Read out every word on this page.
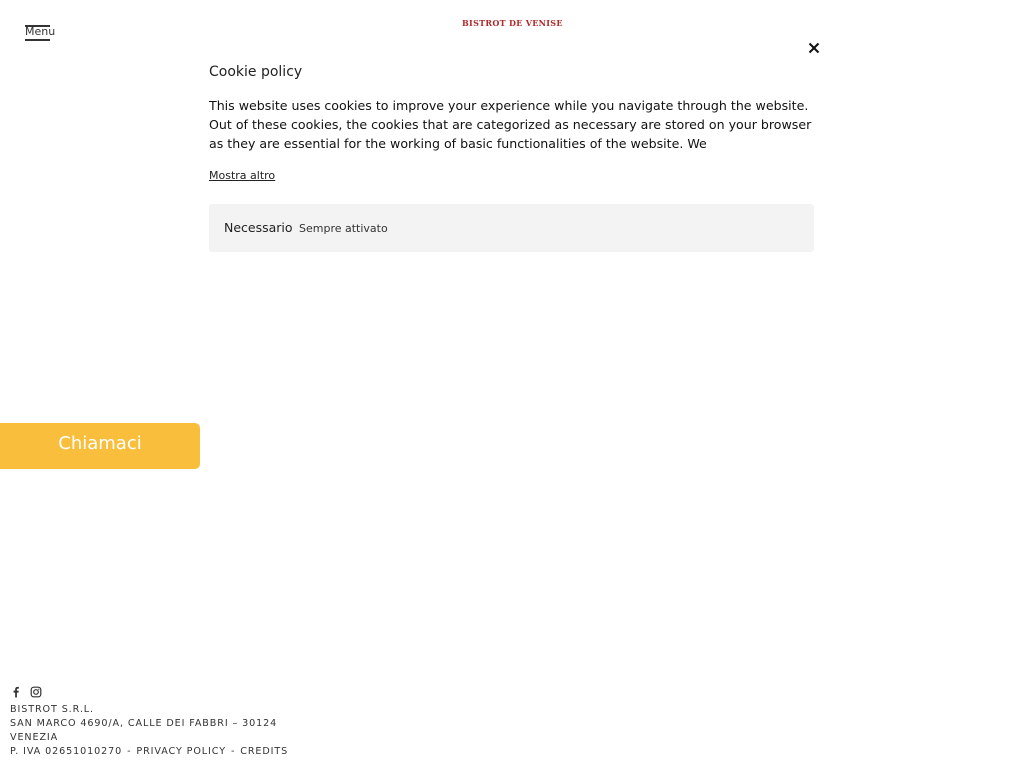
Menu
BISTROT DE VENISE
Cookie policy
This website uses cookies to improve your experience while you navigate through the website. Out of these cookies, the cookies that are categorized as necessary are stored on your browser as they are essential for the working of basic functionalities of the website. We
Mostra altro
Necessario Sempre attivato
Chiamaci
BISTROT S.R.L.
SAN MARCO 4690/A, CALLE DEI FABBRI – 30124
VENEZIA
P. IVA 02651010270 - PRIVACY POLICY - CREDITS
